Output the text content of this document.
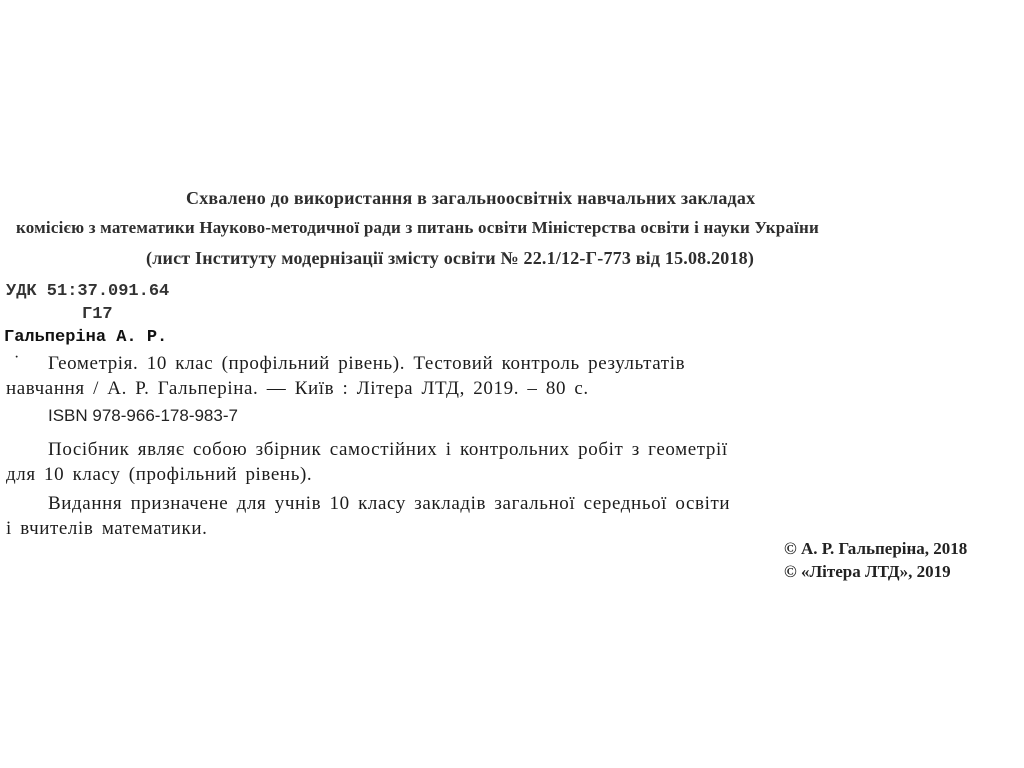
Схвалено до використання в загальноосвітніх навчальних закладах
комісією з математики Науково-методичної ради з питань освіти Міністерства освіти і науки України
(лист Інституту модернізації змісту освіти № 22.1/12-Г-773 від 15.08.2018)
УДК 51:37.091.64
Г17
Гальперіна А. Р.
· Геометрія. 10 клас (профільний рівень). Тестовий контроль результатів
навчання / А. Р. Гальперіна. — Київ : Літера ЛТД, 2019. – 80 с.
ISBN 978-966-178-983-7
Посібник являє собою збірник самостійних і контрольних робіт з геометрії
для 10 класу (профільний рівень).
Видання призначене для учнів 10 класу закладів загальної середньої освіти
і вчителів математики.
© А. Р. Гальперіна, 2018
© «Літера ЛТД», 2019
